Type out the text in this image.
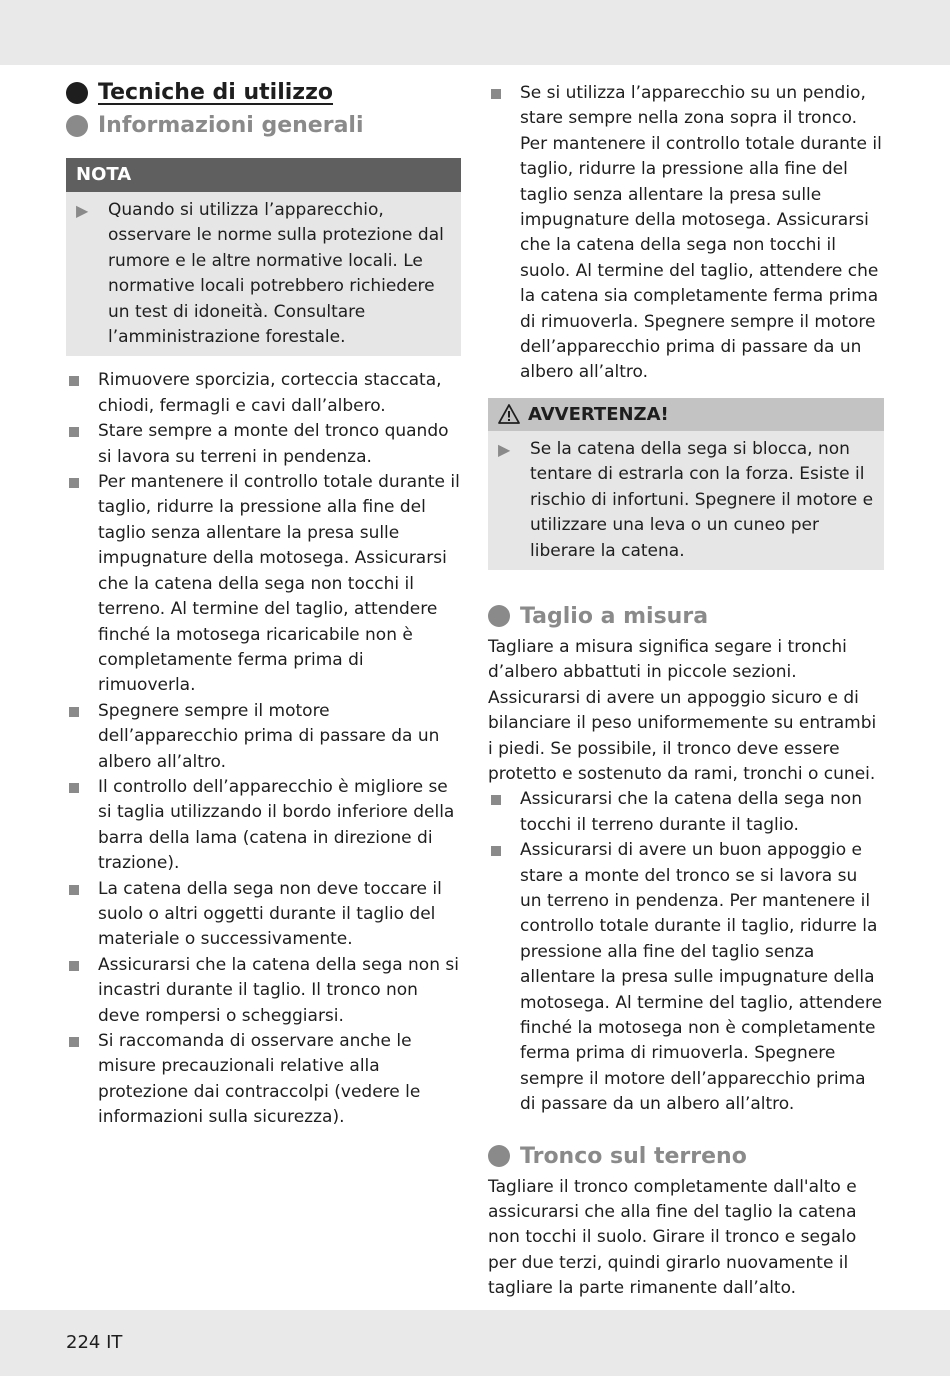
Tecniche di utilizzo
Informazioni generali
NOTA
▶	Quando si utilizza l’apparecchio, osservare le norme sulla protezione dal rumore e le altre normative locali. Le normative locali potrebbero richiedere un test di idoneità. Consultare l’amministrazione forestale.
Rimuovere sporcizia, corteccia staccata, chiodi, fermagli e cavi dall’albero.
Stare sempre a monte del tronco quando si lavora su terreni in pendenza.
Per mantenere il controllo totale durante il taglio, ridurre la pressione alla fine del taglio senza allentare la presa sulle impugnature della motosega. Assicurarsi che la catena della sega non tocchi il terreno. Al termine del taglio, attendere finché la motosega ricaricabile non è completamente ferma prima di rimuoverla.
Spegnere sempre il motore dell’apparecchio prima di passare da un albero all’altro.
Il controllo dell’apparecchio è migliore se si taglia utilizzando il bordo inferiore della barra della lama (catena in direzione di trazione).
La catena della sega non deve toccare il suolo o altri oggetti durante il taglio del materiale o successivamente.
Assicurarsi che la catena della sega non si incastri durante il taglio. Il tronco non deve rompersi o scheggiarsi.
Si raccomanda di osservare anche le misure precauzionali relative alla protezione dai contraccolpi (vedere le informazioni sulla sicurezza).
Se si utilizza l’apparecchio su un pendio, stare sempre nella zona sopra il tronco. Per mantenere il controllo totale durante il taglio, ridurre la pressione alla fine del taglio senza allentare la presa sulle impugnature della motosega. Assicurarsi che la catena della sega non tocchi il suolo. Al termine del taglio, attendere che la catena sia completamente ferma prima di rimuoverla. Spegnere sempre il motore dell’apparecchio prima di passare da un albero all’altro.
AVVERTENZA!
▶	Se la catena della sega si blocca, non tentare di estrarla con la forza. Esiste il rischio di infortuni. Spegnere il motore e utilizzare una leva o un cuneo per liberare la catena.
Taglio a misura

Tagliare a misura significa segare i tronchi d’albero abbattuti in piccole sezioni. Assicurarsi di avere un appoggio sicuro e di bilanciare il peso uniformemente su entrambi i piedi. Se possibile, il tronco deve essere protetto e sostenuto da rami, tronchi o cunei.

Assicurarsi che la catena della sega non tocchi il terreno durante il taglio.
Assicurarsi di avere un buon appoggio e stare a monte del tronco se si lavora su un terreno in pendenza. Per mantenere il controllo totale durante il taglio, ridurre la pressione alla fine del taglio senza allentare la presa sulle impugnature della motosega. Al termine del taglio, attendere finché la motosega non è completamente ferma prima di rimuoverla. Spegnere sempre il motore dell’apparecchio prima di passare da un albero all’altro.
Tronco sul terreno

Tagliare il tronco completamente dall'alto e assicurarsi che alla fine del taglio la catena non tocchi il suolo. Girare il tronco e segalo per due terzi, quindi girarlo nuovamente il tagliare la parte rimanente dall’alto.

224 IT
